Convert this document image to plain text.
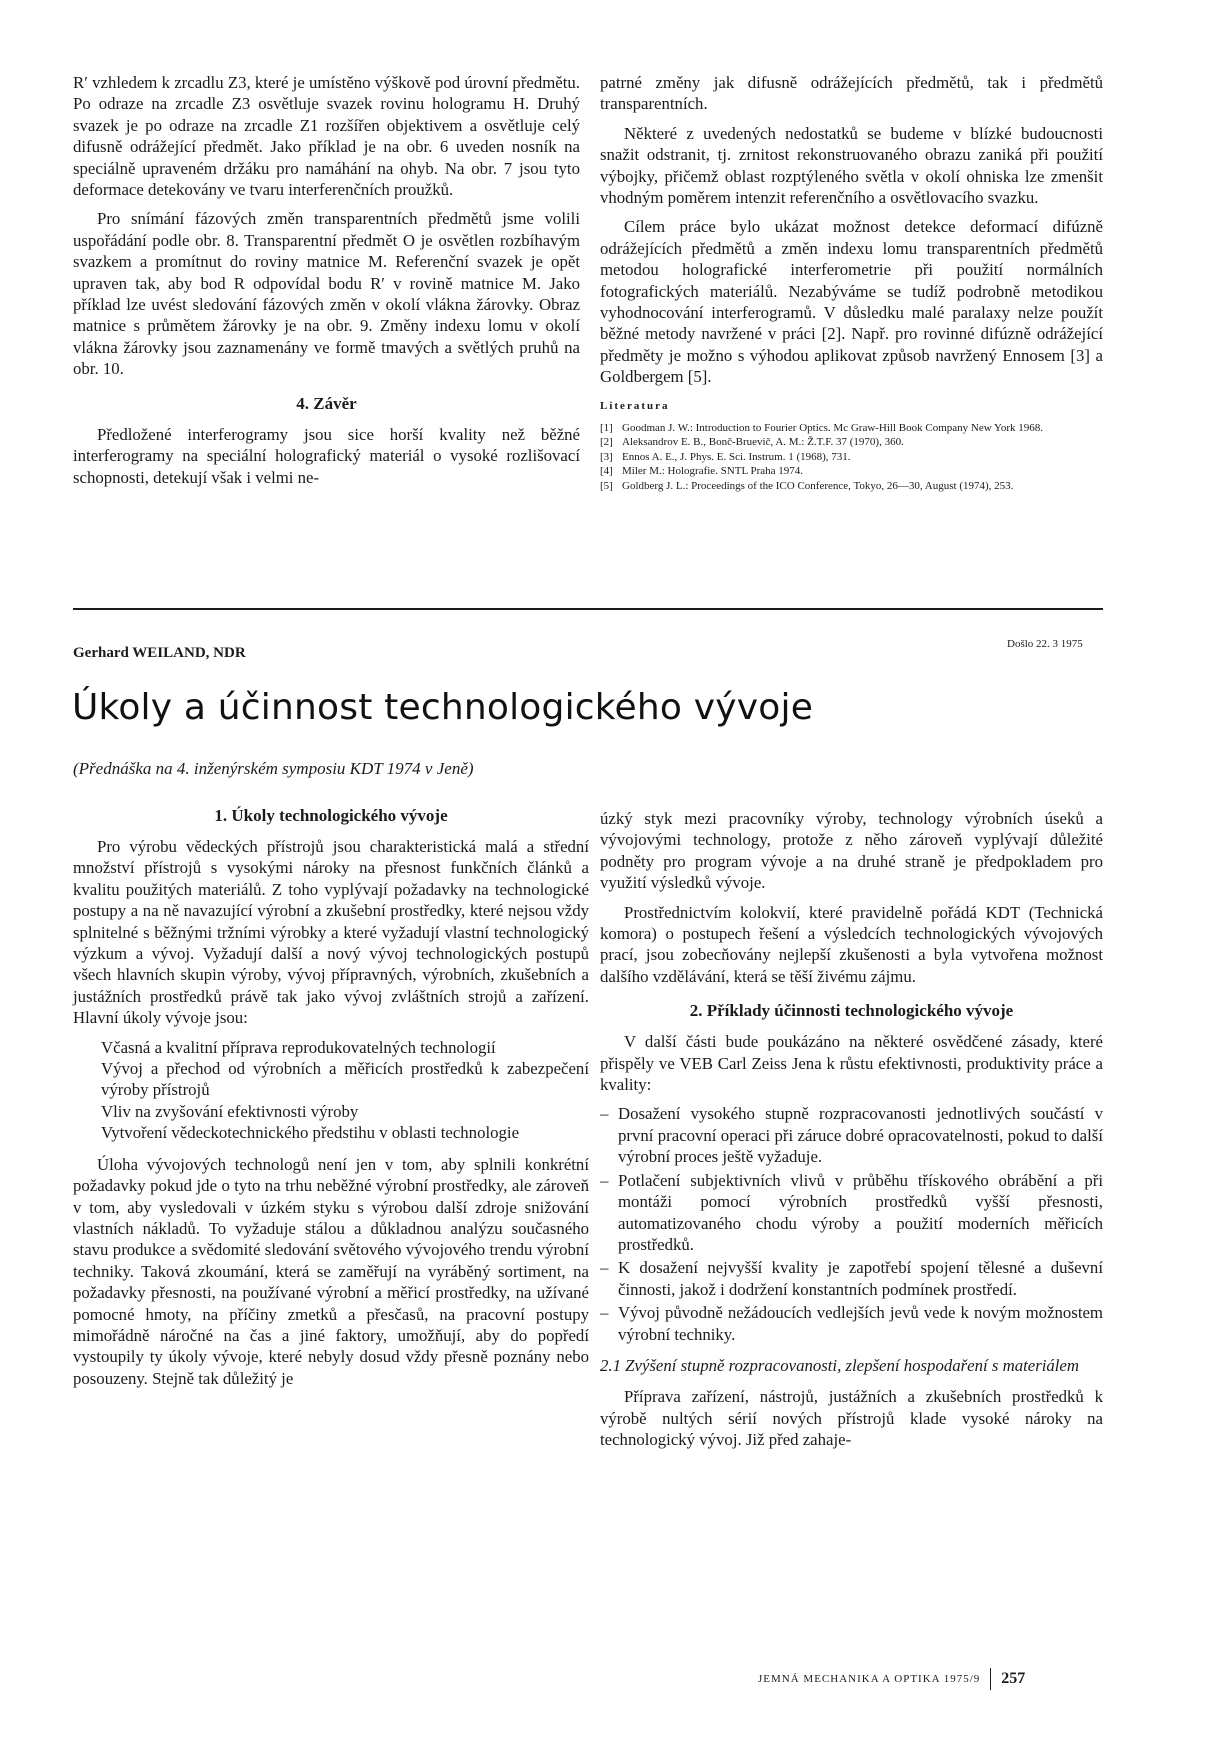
R′ vzhledem k zrcadlu Z3, které je umístěno výškově pod úrovní předmětu. Po odraze na zrcadle Z3 osvětluje svazek rovinu hologramu H. Druhý svazek je po odraze na zrcadle Z1 rozšířen objektivem a osvětluje celý difusně odrážející předmět. Jako příklad je na obr. 6 uveden nosník na speciálně upraveném držáku pro namáhání na ohyb. Na obr. 7 jsou tyto deformace detekovány ve tvaru interferenčních proužků.

Pro snímání fázových změn transparentních předmětů jsme volili uspořádání podle obr. 8. Transparentní předmět O je osvětlen rozbíhavým svazkem a promítnut do roviny matnice M. Referenční svazek je opět upraven tak, aby bod R odpovídal bodu R′ v rovině matnice M. Jako příklad lze uvést sledování fázových změn v okolí vlákna žárovky. Obraz matnice s průmětem žárovky je na obr. 9. Změny indexu lomu v okolí vlákna žárovky jsou zaznamenány ve formě tmavých a světlých pruhů na obr. 10.

4. Závěr

Předložené interferogramy jsou sice horší kvality než běžné interferogramy na speciální holografický materiál o vysoké rozlišovací schopnosti, detekují však i velmi ne-

patrné změny jak difusně odrážejících předmětů, tak i předmětů transparentních.

Některé z uvedených nedostatků se budeme v blízké budoucnosti snažit odstranit, tj. zrnitost rekonstruovaného obrazu zaniká při použití výbojky, přičemž oblast rozptýleného světla v okolí ohniska lze zmenšit vhodným poměrem intenzit referenčního a osvětlovacího svazku.

Cílem práce bylo ukázat možnost detekce deformací difúzně odrážejících předmětů a změn indexu lomu transparentních předmětů metodou holografické interferometrie při použití normálních fotografických materiálů. Nezabýváme se tudíž podrobně metodikou vyhodnocování interferogramů. V důsledku malé paralaxy nelze použít běžné metody navržené v práci [2]. Např. pro rovinné difúzně odrážející předměty je možno s výhodou aplikovat způsob navržený Ennosem [3] a Goldbergem [5].

Literatura
[1] Goodman J. W.: Introduction to Fourier Optics. Mc Graw-Hill Book Company New York 1968.
[2] Aleksandrov E. B., Bonč-Bruevič, A. M.: Ž.T.F. 37 (1970), 360.
[3] Ennos A. E., J. Phys. E. Sci. Instrum. 1 (1968), 731.
[4] Miler M.: Holografie. SNTL Praha 1974.
[5] Goldberg J. L.: Proceedings of the ICO Conference, Tokyo, 26—30, August (1974), 253.
Gerhard WEILAND, NDR
Došlo 22. 3 1975
Úkoly a účinnost technologického vývoje
(Přednáška na 4. inženýrském symposiu KDT 1974 v Jeně)
1. Úkoly technologického vývoje

Pro výrobu vědeckých přístrojů jsou charakteristická malá a střední množství přístrojů s vysokými nároky na přesnost funkčních článků a kvalitu použitých materiálů. Z toho vyplývají požadavky na technologické postupy a na ně navazující výrobní a zkušební prostředky, které nejsou vždy splnitelné s běžnými tržními výrobky a které vyžadují vlastní technologický výzkum a vývoj. Vyžadují další a nový vývoj technologických postupů všech hlavních skupin výroby, vývoj přípravných, výrobních, zkušebních a justážních prostředků právě tak jako vývoj zvláštních strojů a zařízení. Hlavní úkoly vývoje jsou:

Včasná a kvalitní příprava reprodukovatelných technologií
Vývoj a přechod od výrobních a měřicích prostředků k zabezpečení výroby přístrojů
Vliv na zvyšování efektivnosti výroby
Vytvoření vědeckotechnického předstihu v oblasti technologie

Úloha vývojových technologů není jen v tom, aby splnili konkrétní požadavky pokud jde o tyto na trhu neběžné výrobní prostředky, ale zároveň v tom, aby vysledovali v úzkém styku s výrobou další zdroje snižování vlastních nákladů. To vyžaduje stálou a důkladnou analýzu současného stavu produkce a svědomité sledování světového vývojového trendu výrobní techniky. Taková zkoumání, která se zaměřují na vyráběný sortiment, na požadavky přesnosti, na používané výrobní a měřicí prostředky, na užívané pomocné hmoty, na příčiny zmetků a přesčasů, na pracovní postupy mimořádně náročné na čas a jiné faktory, umožňují, aby do popředí vystoupily ty úkoly vývoje, které nebyly dosud vždy přesně poznány nebo posouzeny. Stejně tak důležitý je

úzký styk mezi pracovníky výroby, technology výrobních úseků a vývojovými technology, protože z něho zároveň vyplývají důležité podněty pro program vývoje a na druhé straně je předpokladem pro využití výsledků vývoje.

Prostřednictvím kolokvií, které pravidelně pořádá KDT (Technická komora) o postupech řešení a výsledcích technologických vývojových prací, jsou zobecňovány nejlepší zkušenosti a byla vytvořena možnost dalšího vzdělávání, která se těší živému zájmu.

2. Příklady účinnosti technologického vývoje

V další části bude poukázáno na některé osvědčené zásady, které přispěly ve VEB Carl Zeiss Jena k růstu efektivnosti, produktivity práce a kvality:

– Dosažení vysokého stupně rozpracovanosti jednotlivých součástí v první pracovní operaci při záruce dobré opracovatelnosti, pokud to další výrobní proces ještě vyžaduje.
– Potlačení subjektivních vlivů v průběhu třískového obrábění a při montáži pomocí výrobních prostředků vyšší přesnosti, automatizovaného chodu výroby a použití moderních měřicích prostředků.
– K dosažení nejvyšší kvality je zapotřebí spojení tělesné a duševní činnosti, jakož i dodržení konstantních podmínek prostředí.
– Vývoj původně nežádoucích vedlejších jevů vede k novým možnostem výrobní techniky.
2.1 Zvýšení stupně rozpracovanosti, zlepšení hospodaření s materiálem

Příprava zařízení, nástrojů, justážních a zkušebních prostředků k výrobě nultých sérií nových přístrojů klade vysoké nároky na technologický vývoj. Již před zahaje-

JEMNÁ MECHANIKA A OPTIKA 1975/9 257
